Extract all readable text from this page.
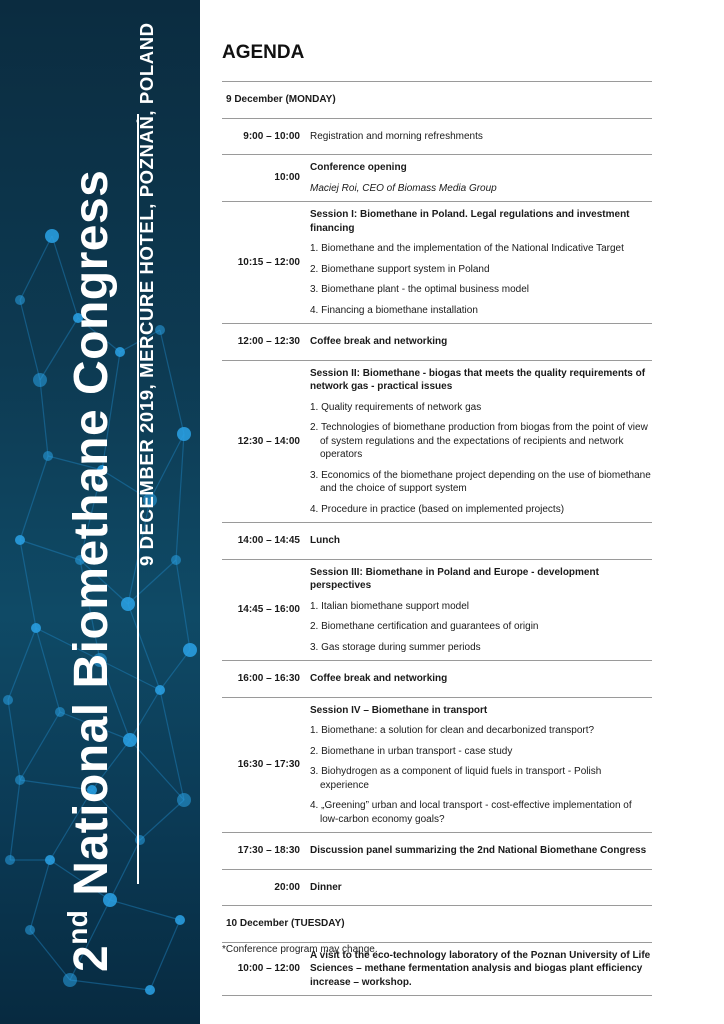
2nd National Biomethane Congress 9 DECEMBER 2019, MERCURE HOTEL, POZNAŃ, POLAND	AGENDA
9 December (MONDAY)	
9:00 – 10:00	Registration and morning refreshments
10:00	Conference opening

Maciej Roi, CEO of Biomass Media Group

10:15 – 12:00	Session I: Biomethane in Poland. Legal regulations and investment financing

1. Biomethane and the implementation of the National Indicative Target

2. Biomethane support system in Poland

3. Biomethane plant - the optimal business model

4. Financing a biomethane installation

12:00 – 12:30	Coffee break and networking
12:30 – 14:00	Session II: Biomethane - biogas that meets the quality requirements of network gas - practical issues

1. Quality requirements of network gas

2. Technologies of biomethane production from biogas from the point of view of system regulations and the expectations of recipients and network operators

3. Economics of the biomethane project depending on the use of biomethane and the choice of support system

4. Procedure in practice (based on implemented projects)

14:00 – 14:45	Lunch
14:45 – 16:00	Session III: Biomethane in Poland and Europe - development perspectives

1. Italian biomethane support model

2. Biomethane certification and guarantees of origin

3. Gas storage during summer periods

16:00 – 16:30	Coffee break and networking
16:30 – 17:30	Session IV – Biomethane in transport

1. Biomethane: a solution for clean and decarbonized transport?

2. Biomethane in urban transport - case study

3. Biohydrogen as a component of liquid fuels in transport - Polish experience

4. „Greening” urban and local transport - cost-effective implementation of low-carbon economy goals?

17:30 – 18:30	Discussion panel summarizing the 2nd National Biomethane Congress
20:00	Dinner
10 December (TUESDAY)	
10:00 – 12:00	A visit to the eco-technology laboratory of the Poznan University of Life Sciences – methane fermentation analysis and biogas plant efficiency increase – workshop.
*Conference program may change.
